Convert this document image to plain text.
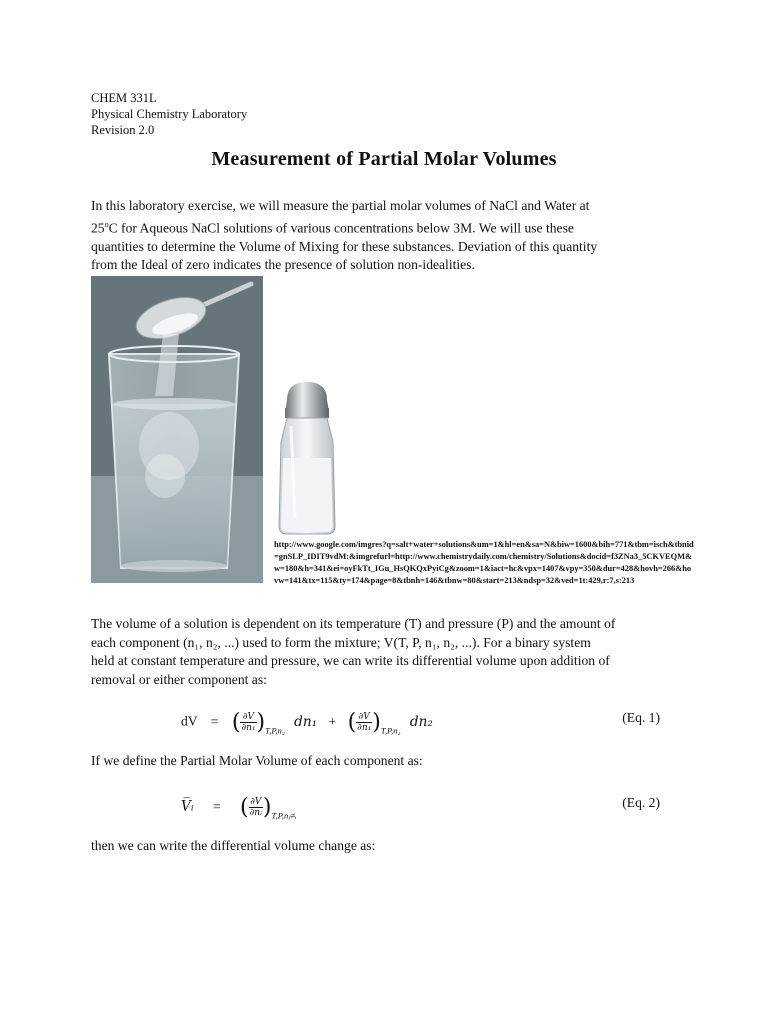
CHEM 331L
Physical Chemistry Laboratory
Revision 2.0
Measurement of Partial Molar Volumes
In this laboratory exercise, we will measure the partial molar volumes of NaCl and Water at
25$^o$C for Aqueous NaCl solutions of various concentrations below 3M. We will use these
quantities to determine the Volume of Mixing for these substances. Deviation of this quantity
from the Ideal of zero indicates the presence of solution non-idealities.
http://www.google.com/imgres?q=salt+water+solutions&um=1&hl=en&sa=N&biw=1600&bih=771&tbm=isch&tbnid=gnSLP_IDIT9vdM:&imgrefurl=http://www.chemistrydaily.com/chemistry/Solutions&docid=f3ZNa3_5CKVEQM&w=180&h=341&ei=oyFkTt_IGu_HsQKQxPyiCg&zoom=1&iact=hc&vpx=1407&vpy=350&dur=428&hovh=266&hovw=141&tx=115&ty=174&page=8&tbnh=146&tbnw=80&start=213&ndsp=32&ved=1t:429,r:7,s:213
The volume of a solution is dependent on its temperature (T) and pressure (P) and the amount of
each component (n₁, n₂, ...) used to form the mixture; V(T, P, n₁, n₂, ...). For a binary system
held at constant temperature and pressure, we can write its differential volume upon addition of
removal or either component as:
dV = ( $\frac{\partial V}{\text{∂n₁}} )_{T,P,n_2}$ dn₁ + ( $\frac{\partial V}{\text{∂n₁}} )_{T,P,n_2}$ dn₂	(Eq. 1)
If we define the Partial Molar Volume of each component as:
V̅ᵢ = ( $\frac{\partial V}{\text{∂nᵢ}} )_{T,P,nⱼ\ne ᵢ}$
(Eq. 2)
then we can write the differential volume change as:
